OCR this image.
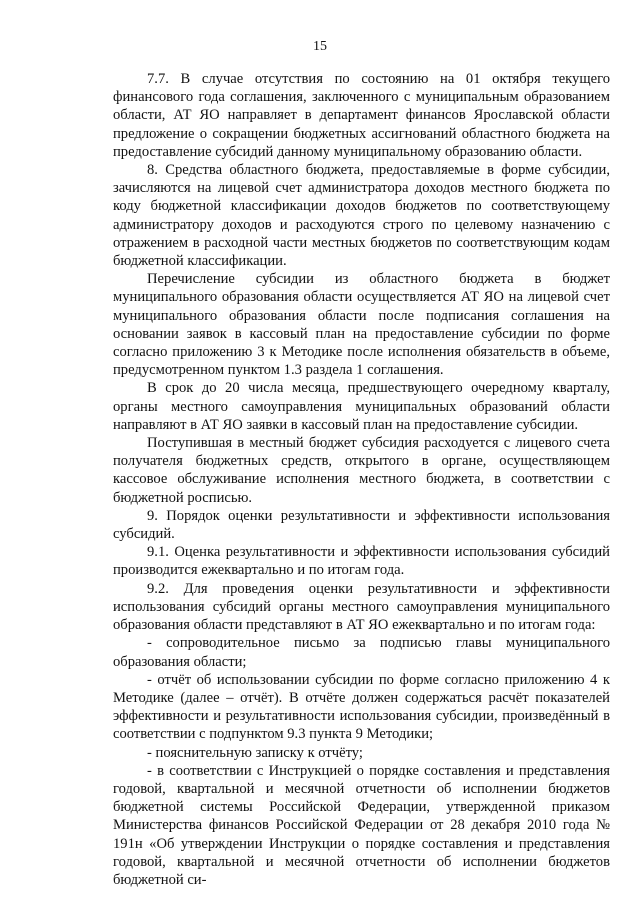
15

7.7. В случае отсутствия по состоянию на 01 октября текущего финансового года соглашения, заключенного с муниципальным образованием области, АТ ЯО направляет в департамент финансов Ярославской области предложение о сокращении бюджетных ассигнований областного бюджета на предоставление субсидий данному муниципальному образованию области.

8. Средства областного бюджета, предоставляемые в форме субсидии, зачисляются на лицевой счет администратора доходов местного бюджета по коду бюджетной классификации доходов бюджетов по соответствующему администратору доходов и расходуются строго по целевому назначению с отражением в расходной части местных бюджетов по соответствующим кодам бюджетной классификации.

Перечисление субсидии из областного бюджета в бюджет муниципального образования области осуществляется АТ ЯО на лицевой счет муниципального образования области после подписания соглашения на основании заявок в кассовый план на предоставление субсидии по форме согласно приложению 3 к Методике после исполнения обязательств в объеме, предусмотренном пунктом 1.3 раздела 1 соглашения.

В срок до 20 числа месяца, предшествующего очередному кварталу, органы местного самоуправления муниципальных образований области направляют в АТ ЯО заявки в кассовый план на предоставление субсидии.

Поступившая в местный бюджет субсидия расходуется с лицевого счета получателя бюджетных средств, открытого в органе, осуществляющем кассовое обслуживание исполнения местного бюджета, в соответствии с бюджетной росписью.

9. Порядок оценки результативности и эффективности использования субсидий.

9.1. Оценка результативности и эффективности использования субсидий производится ежеквартально и по итогам года.

9.2. Для проведения оценки результативности и эффективности использования субсидий органы местного самоуправления муниципального образования области представляют в АТ ЯО ежеквартально и по итогам года:

- сопроводительное письмо за подписью главы муниципального образования области;

- отчёт об использовании субсидии по форме согласно приложению 4 к Методике (далее – отчёт). В отчёте должен содержаться расчёт показателей эффективности и результативности использования субсидии, произведённый в соответствии с подпунктом 9.3 пункта 9 Методики;

- пояснительную записку к отчёту;

- в соответствии с Инструкцией о порядке составления и представления годовой, квартальной и месячной отчетности об исполнении бюджетов бюджетной системы Российской Федерации, утвержденной приказом Министерства финансов Российской Федерации от 28 декабря 2010 года № 191н «Об утверждении Инструкции о порядке составления и представления годовой, квартальной и месячной отчетности об исполнении бюджетов бюджетной си-
